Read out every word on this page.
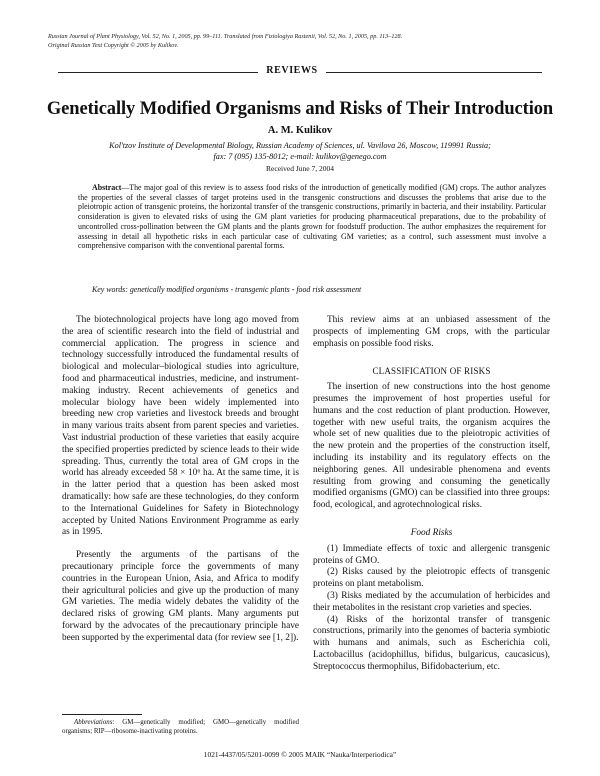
Russian Journal of Plant Physiology, Vol. 52, No. 1, 2005, pp. 99–111. Translated from Fiziologiya Rastenii, Vol. 52, No. 1, 2005, pp. 113–128.
Original Russian Text Copyright © 2005 by Kulikov.
REVIEWS
Genetically Modified Organisms and Risks of Their Introduction
A. M. Kulikov
Kol'tzov Institute of Developmental Biology, Russian Academy of Sciences, ul. Vavilova 26, Moscow, 119991 Russia;
fax: 7 (095) 135-8012; e-mail: kulikov@genego.com
Received June 7, 2004
Abstract—The major goal of this review is to assess food risks of the introduction of genetically modified (GM) crops. The author analyzes the properties of the several classes of target proteins used in the transgenic constructions and discusses the problems that arise due to the pleiotropic action of transgenic proteins, the horizontal transfer of the transgenic constructions, primarily in bacteria, and their instability. Particular consideration is given to elevated risks of using the GM plant varieties for producing pharmaceutical preparations, due to the probability of uncontrolled cross-pollination between the GM plants and the plants grown for foodstuff production. The author emphasizes the requirement for assessing in detail all hypothetic risks in each particular case of cultivating GM varieties; as a control, such assessment must involve a comprehensive comparison with the conventional parental forms.
Key words: genetically modified organisms - transgenic plants - food risk assessment

The biotechnological projects have long ago moved from the area of scientific research into the field of industrial and commercial application. The progress in science and technology successfully introduced the fundamental results of biological and molecular–biological studies into agriculture, food and pharmaceutical industries, medicine, and instrument-making industry. Recent achievements of genetics and molecular biology have been widely implemented into breeding new crop varieties and livestock breeds and brought in many various traits absent from parent species and varieties. Vast industrial production of these varieties that easily acquire the specified properties predicted by science leads to their wide spreading. Thus, currently the total area of GM crops in the world has already exceeded 58 × 10⁶ ha. At the same time, it is in the latter period that a question has been asked most dramatically: how safe are these technologies, do they conform to the International Guidelines for Safety in Biotechnology accepted by United Nations Environment Programme as early as in 1995.

Presently the arguments of the partisans of the precautionary principle force the governments of many countries in the European Union, Asia, and Africa to modify their agricultural policies and give up the production of many GM varieties. The media widely debates the validity of the declared risks of growing GM plants. Many arguments put forward by the advocates of the precautionary principle have been supported by the experimental data (for review see [1, 2]).

This review aims at an unbiased assessment of the prospects of implementing GM crops, with the particular emphasis on possible food risks.

CLASSIFICATION OF RISKS

The insertion of new constructions into the host genome presumes the improvement of host properties useful for humans and the cost reduction of plant production. However, together with new useful traits, the organism acquires the whole set of new qualities due to the pleiotropic activities of the new protein and the properties of the construction itself, including its instability and its regulatory effects on the neighboring genes. All undesirable phenomena and events resulting from growing and consuming the genetically modified organisms (GMO) can be classified into three groups: food, ecological, and agrotechnological risks.

Food Risks

(1) Immediate effects of toxic and allergenic transgenic proteins of GMO.

(2) Risks caused by the pleiotropic effects of transgenic proteins on plant metabolism.

(3) Risks mediated by the accumulation of herbicides and their metabolites in the resistant crop varieties and species.

(4) Risks of the horizontal transfer of transgenic constructions, primarily into the genomes of bacteria symbiotic with humans and animals, such as Escherichia coli, Lactobacillus (acidophillus, bifidus, bulgaricus, caucasicus), Streptococcus thermophilus, Bifidobacterium, etc.

Abbreviations: GM—genetically modified; GMO—genetically modified organisms; RIP—ribosome-inactivating proteins.
1021-4437/05/5201-0099 © 2005 MAIK “Nauka/Interperiodica”
